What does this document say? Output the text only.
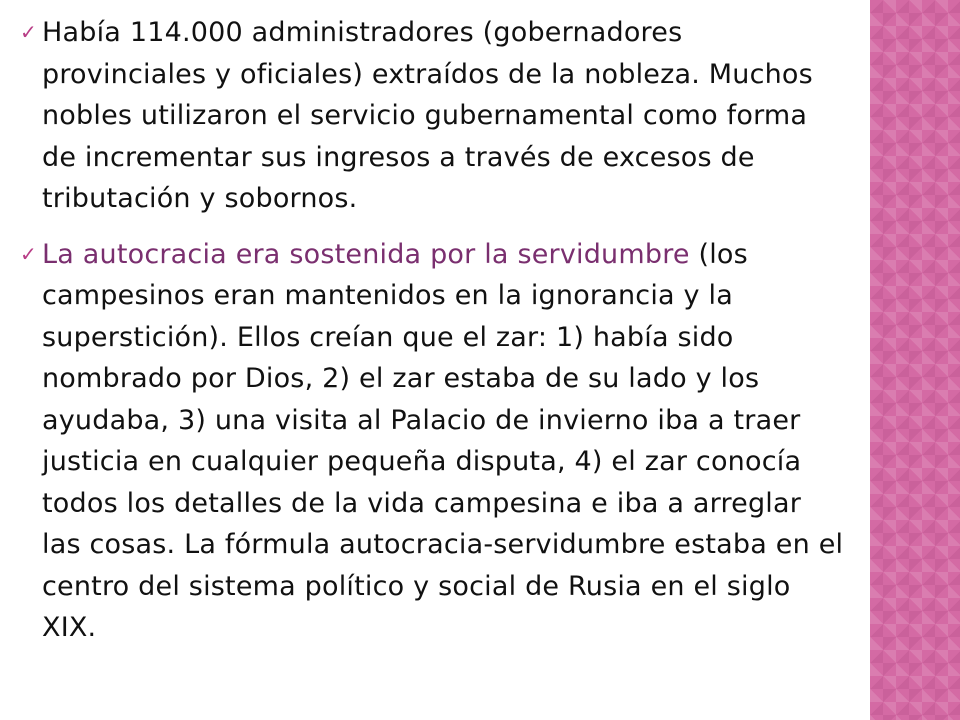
✓ Había 114.000 administradores (gobernadores provinciales y oficiales) extraídos de la nobleza. Muchos nobles utilizaron el servicio gubernamental como forma de incrementar sus ingresos a través de excesos de tributación y sobornos.
✓ La autocracia era sostenida por la servidumbre (los campesinos eran mantenidos en la ignorancia y la superstición). Ellos creían que el zar: 1) había sido nombrado por Dios, 2) el zar estaba de su lado y los ayudaba, 3) una visita al Palacio de invierno iba a traer justicia en cualquier pequeña disputa, 4) el zar conocía todos los detalles de la vida campesina e iba a arreglar las cosas. La fórmula autocracia-servidumbre estaba en el centro del sistema político y social de Rusia en el siglo XIX.
